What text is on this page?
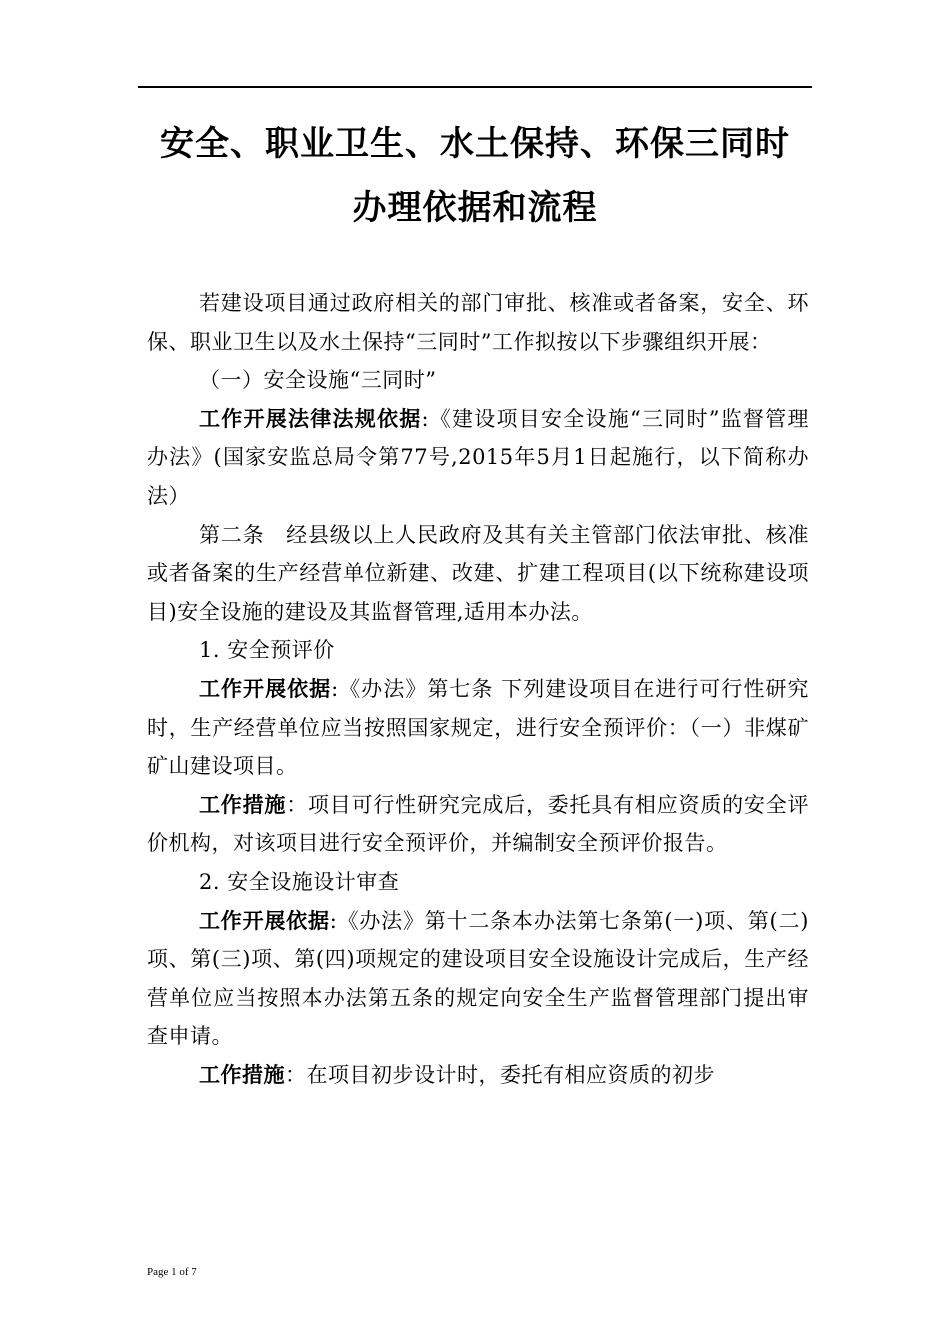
安全、职业卫生、水土保持、环保三同时
办理依据和流程

若建设项目通过政府相关的部门审批、核准或者备案，安全、环保、职业卫生以及水土保持“三同时”工作拟按以下步骤组织开展：

（一）安全设施“三同时”

工作开展法律法规依据:《建设项目安全设施“三同时”监督管理办法》(国家安监总局令第77号,2015年5月1日起施行，以下简称办法）

第二条　经县级以上人民政府及其有关主管部门依法审批、核准或者备案的生产经营单位新建、改建、扩建工程项目(以下统称建设项目)安全设施的建设及其监督管理,适用本办法。

1. 安全预评价

工作开展依据:《办法》第七条 下列建设项目在进行可行性研究时，生产经营单位应当按照国家规定，进行安全预评价：（一）非煤矿矿山建设项目。

工作措施：项目可行性研究完成后，委托具有相应资质的安全评价机构，对该项目进行安全预评价，并编制安全预评价报告。

2. 安全设施设计审查

工作开展依据:《办法》第十二条本办法第七条第(一)项、第(二)项、第(三)项、第(四)项规定的建设项目安全设施设计完成后，生产经营单位应当按照本办法第五条的规定向安全生产监督管理部门提出审查申请。

工作措施：在项目初步设计时，委托有相应资质的初步

Page 1 of 7
